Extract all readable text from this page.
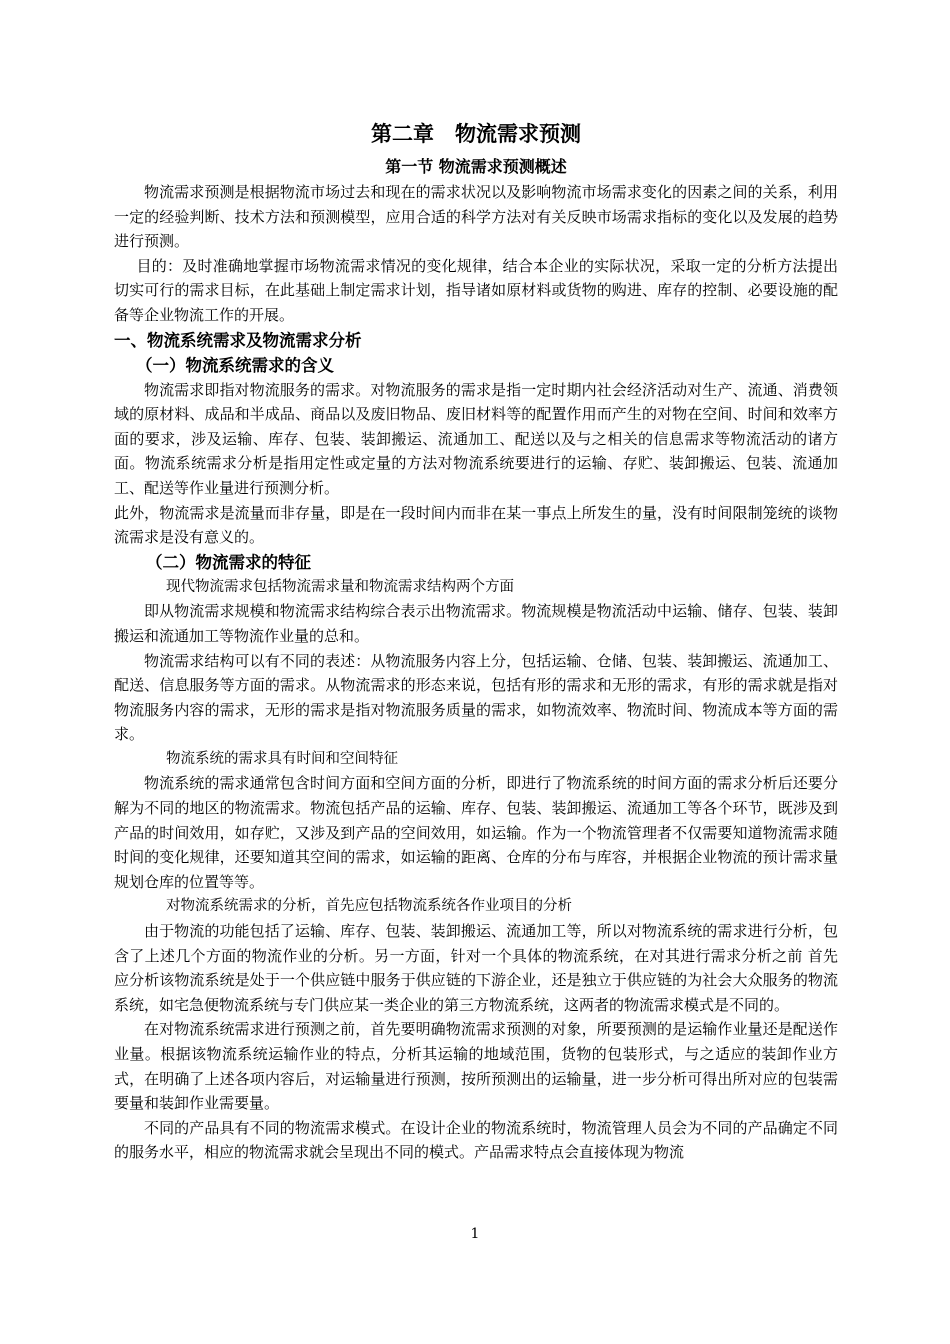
第二章　物流需求预测
第一节 物流需求预测概述

物流需求预测是根据物流市场过去和现在的需求状况以及影响物流市场需求变化的因素之间的关系，利用一定的经验判断、技术方法和预测模型，应用合适的科学方法对有关反映市场需求指标的变化以及发展的趋势进行预测。

目的：及时准确地掌握市场物流需求情况的变化规律，结合本企业的实际状况，采取一定的分析方法提出切实可行的需求目标，在此基础上制定需求计划，指导诸如原材料或货物的购进、库存的控制、必要设施的配备等企业物流工作的开展。

一、物流系统需求及物流需求分析
（一）物流系统需求的含义

物流需求即指对物流服务的需求。对物流服务的需求是指一定时期内社会经济活动对生产、流通、消费领域的原材料、成品和半成品、商品以及废旧物品、废旧材料等的配置作用而产生的对物在空间、时间和效率方面的要求，涉及运输、库存、包装、装卸搬运、流通加工、配送以及与之相关的信息需求等物流活动的诸方面。物流系统需求分析是指用定性或定量的方法对物流系统要进行的运输、存贮、装卸搬运、包装、流通加工、配送等作业量进行预测分析。

此外，物流需求是流量而非存量，即是在一段时间内而非在某一事点上所发生的量，没有时间限制笼统的谈物流需求是没有意义的。

（二）物流需求的特征

现代物流需求包括物流需求量和物流需求结构两个方面

即从物流需求规模和物流需求结构综合表示出物流需求。物流规模是物流活动中运输、储存、包装、装卸搬运和流通加工等物流作业量的总和。

物流需求结构可以有不同的表述：从物流服务内容上分，包括运输、仓储、包装、装卸搬运、流通加工、配送、信息服务等方面的需求。从物流需求的形态来说，包括有形的需求和无形的需求，有形的需求就是指对物流服务内容的需求，无形的需求是指对物流服务质量的需求，如物流效率、物流时间、物流成本等方面的需求。

物流系统的需求具有时间和空间特征

物流系统的需求通常包含时间方面和空间方面的分析，即进行了物流系统的时间方面的需求分析后还要分解为不同的地区的物流需求。物流包括产品的运输、库存、包装、装卸搬运、流通加工等各个环节，既涉及到产品的时间效用，如存贮，又涉及到产品的空间效用，如运输。作为一个物流管理者不仅需要知道物流需求随时间的变化规律，还要知道其空间的需求，如运输的距离、仓库的分布与库容，并根据企业物流的预计需求量规划仓库的位置等等。

对物流系统需求的分析，首先应包括物流系统各作业项目的分析

由于物流的功能包括了运输、库存、包装、装卸搬运、流通加工等，所以对物流系统的需求进行分析，包含了上述几个方面的物流作业的分析。另一方面，针对一个具体的物流系统，在对其进行需求分析之前 首先应分析该物流系统是处于一个供应链中服务于供应链的下游企业，还是独立于供应链的为社会大众服务的物流系统，如宅急便物流系统与专门供应某一类企业的第三方物流系统，这两者的物流需求模式是不同的。

在对物流系统需求进行预测之前，首先要明确物流需求预测的对象，所要预测的是运输作业量还是配送作业量。根据该物流系统运输作业的特点，分析其运输的地域范围，货物的包装形式，与之适应的装卸作业方式，在明确了上述各项内容后，对运输量进行预测，按所预测出的运输量，进一步分析可得出所对应的包装需要量和装卸作业需要量。

不同的产品具有不同的物流需求模式。在设计企业的物流系统时，物流管理人员会为不同的产品确定不同的服务水平，相应的物流需求就会呈现出不同的模式。产品需求特点会直接体现为物流

1
